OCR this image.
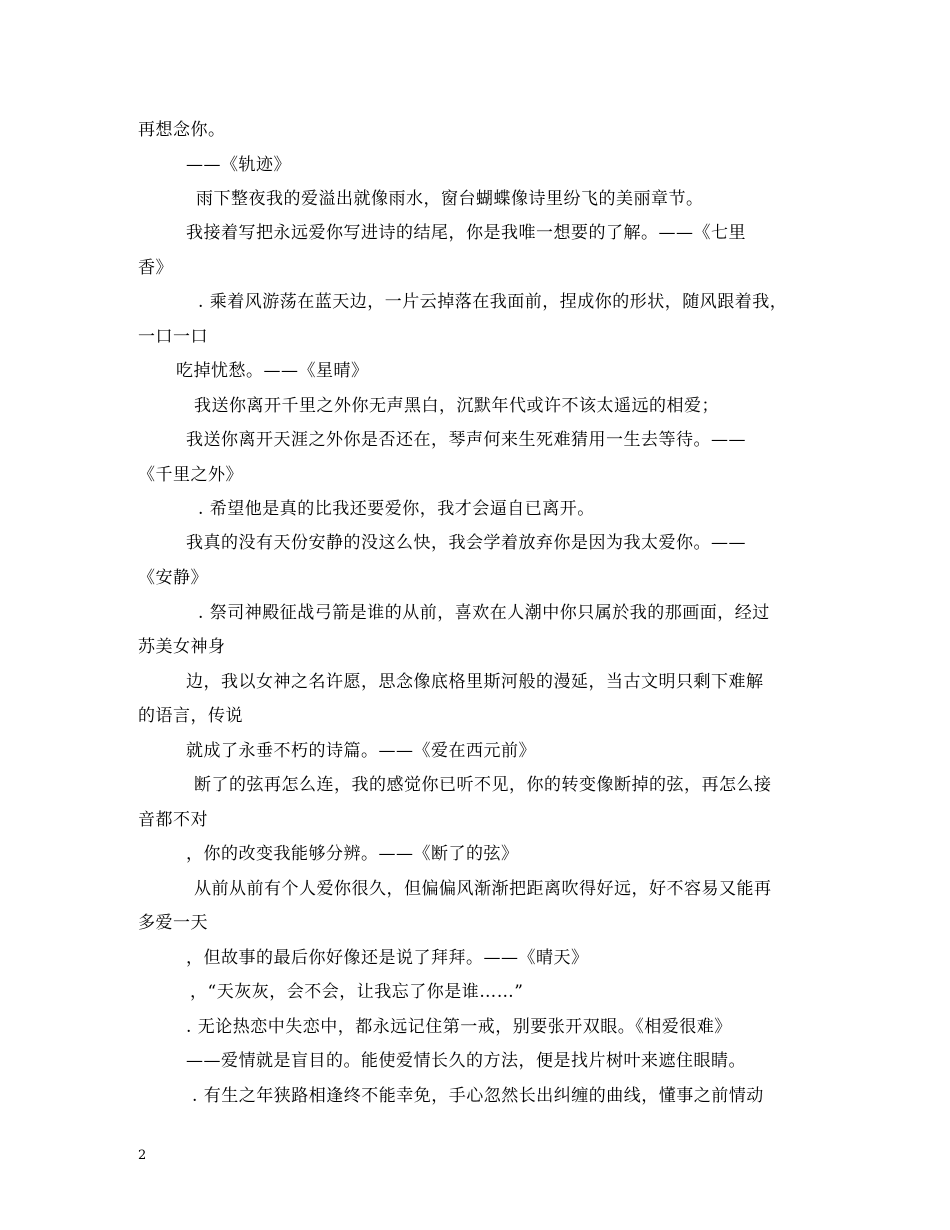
再想念你。
——《轨迹》
雨下整夜我的爱溢出就像雨水，窗台蝴蝶像诗里纷飞的美丽章节。
我接着写把永远爱你写进诗的结尾，你是我唯一想要的了解。——《七里
香》
. 乘着风游荡在蓝天边，一片云掉落在我面前，捏成你的形状，随风跟着我，
一口一口
吃掉忧愁。——《星晴》
我送你离开千里之外你无声黑白，沉默年代或许不该太遥远的相爱；
我送你离开天涯之外你是否还在，琴声何来生死难猜用一生去等待。——
《千里之外》
. 希望他是真的比我还要爱你，我才会逼自已离开。
我真的没有天份安静的没这么快，我会学着放弃你是因为我太爱你。——
《安静》
. 祭司神殿征战弓箭是谁的从前，喜欢在人潮中你只属於我的那画面，经过
苏美女神身
边，我以女神之名许愿，思念像底格里斯河般的漫延，当古文明只剩下难解
的语言，传说
就成了永垂不朽的诗篇。——《爱在西元前》
断了的弦再怎么连，我的感觉你已听不见，你的转变像断掉的弦，再怎么接
音都不对
，你的改变我能够分辨。——《断了的弦》
从前从前有个人爱你很久，但偏偏风渐渐把距离吹得好远，好不容易又能再
多爱一天
，但故事的最后你好像还是说了拜拜。——《晴天》
，“天灰灰，会不会，让我忘了你是谁……”
. 无论热恋中失恋中，都永远记住第一戒，别要张开双眼。《相爱很难》
——爱情就是盲目的。能使爱情长久的方法，便是找片树叶来遮住眼睛。
. 有生之年狭路相逢终不能幸免，手心忽然长出纠缠的曲线，懂事之前情动
2
